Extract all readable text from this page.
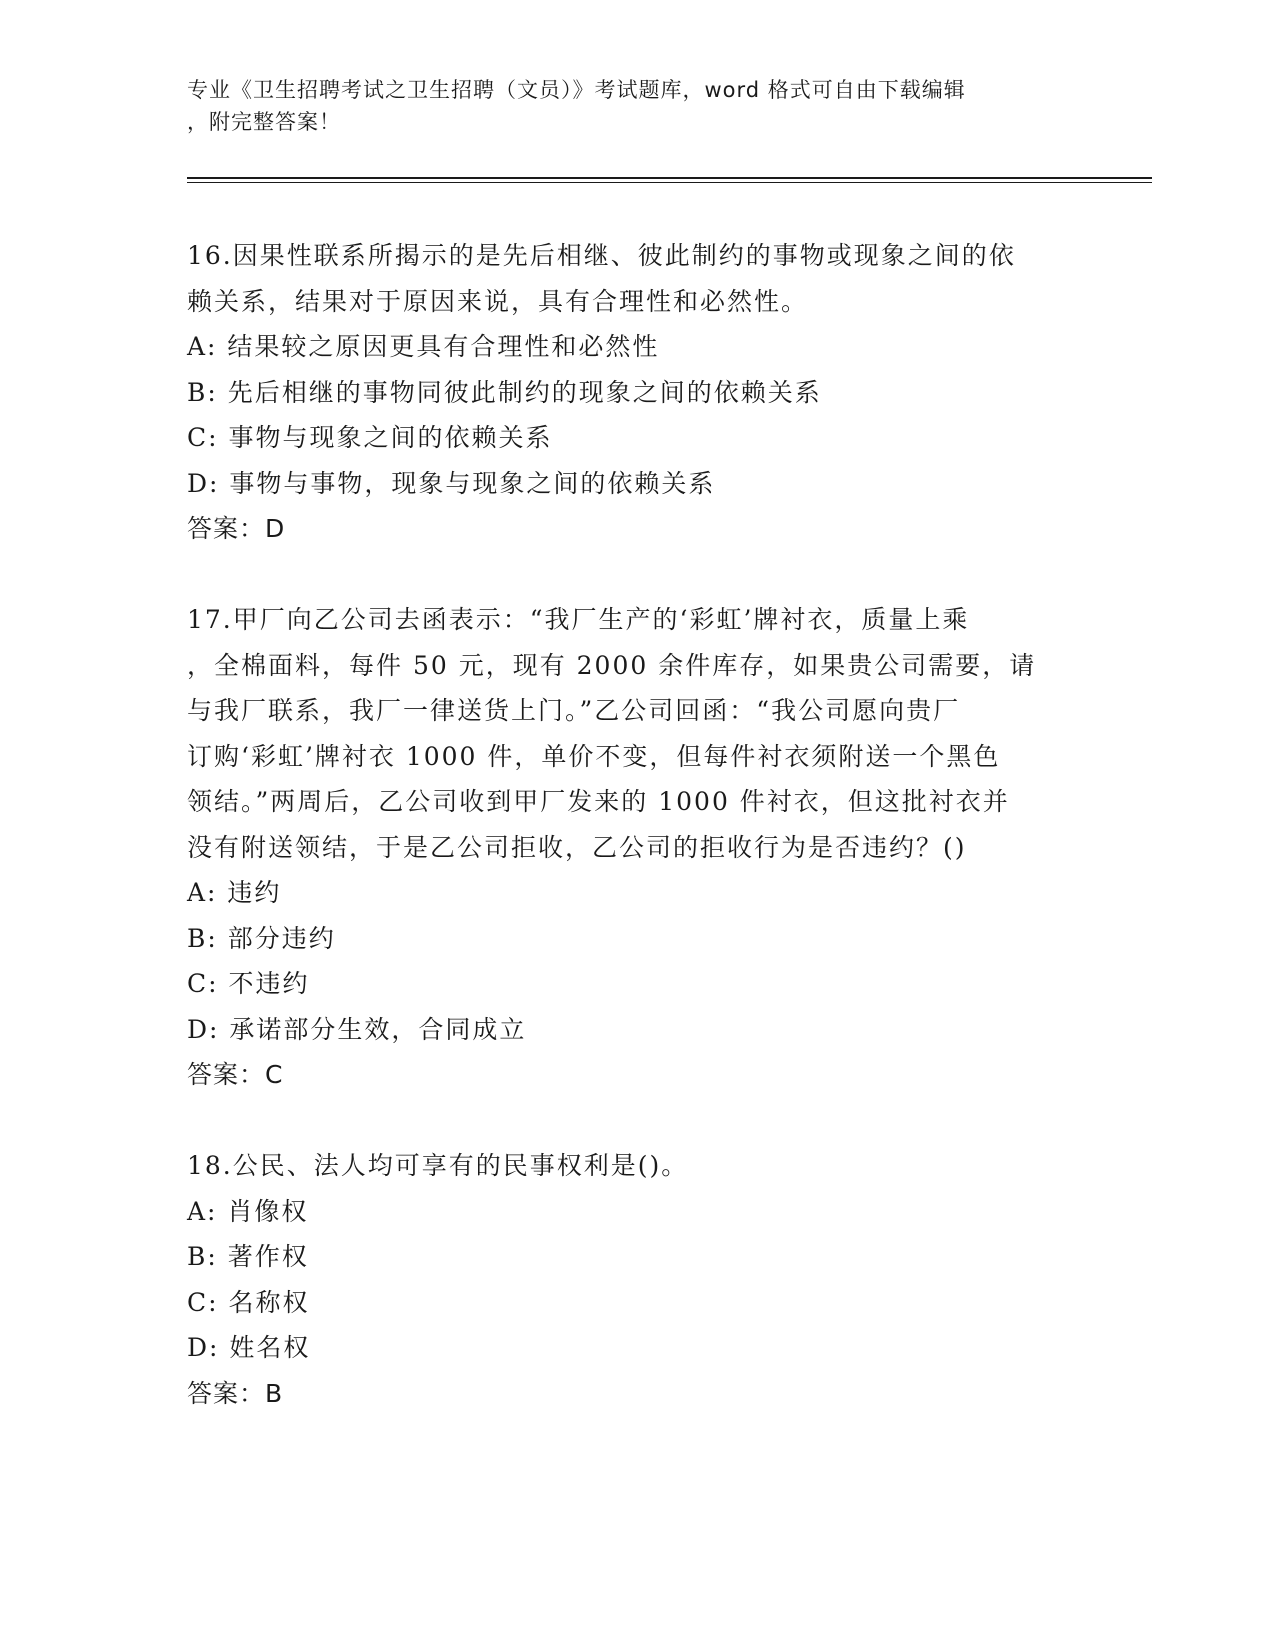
专业《卫生招聘考试之卫生招聘（文员）》考试题库，word 格式可自由下载编辑
，附完整答案！
16.因果性联系所揭示的是先后相继、彼此制约的事物或现象之间的依
赖关系，结果对于原因来说，具有合理性和必然性。
A: 结果较之原因更具有合理性和必然性
B: 先后相继的事物同彼此制约的现象之间的依赖关系
C: 事物与现象之间的依赖关系
D: 事物与事物，现象与现象之间的依赖关系
答案：D
17.甲厂向乙公司去函表示：“我厂生产的‘彩虹’牌衬衣，质量上乘
，全棉面料，每件 50 元，现有 2000 余件库存，如果贵公司需要，请
与我厂联系，我厂一律送货上门。”乙公司回函：“我公司愿向贵厂
订购‘彩虹’牌衬衣 1000 件，单价不变，但每件衬衣须附送一个黑色
领结。”两周后，乙公司收到甲厂发来的 1000 件衬衣，但这批衬衣并
没有附送领结，于是乙公司拒收，乙公司的拒收行为是否违约？()
A: 违约
B: 部分违约
C: 不违约
D: 承诺部分生效，合同成立
答案：C
18.公民、法人均可享有的民事权利是()。
A: 肖像权
B: 著作权
C: 名称权
D: 姓名权
答案：B
